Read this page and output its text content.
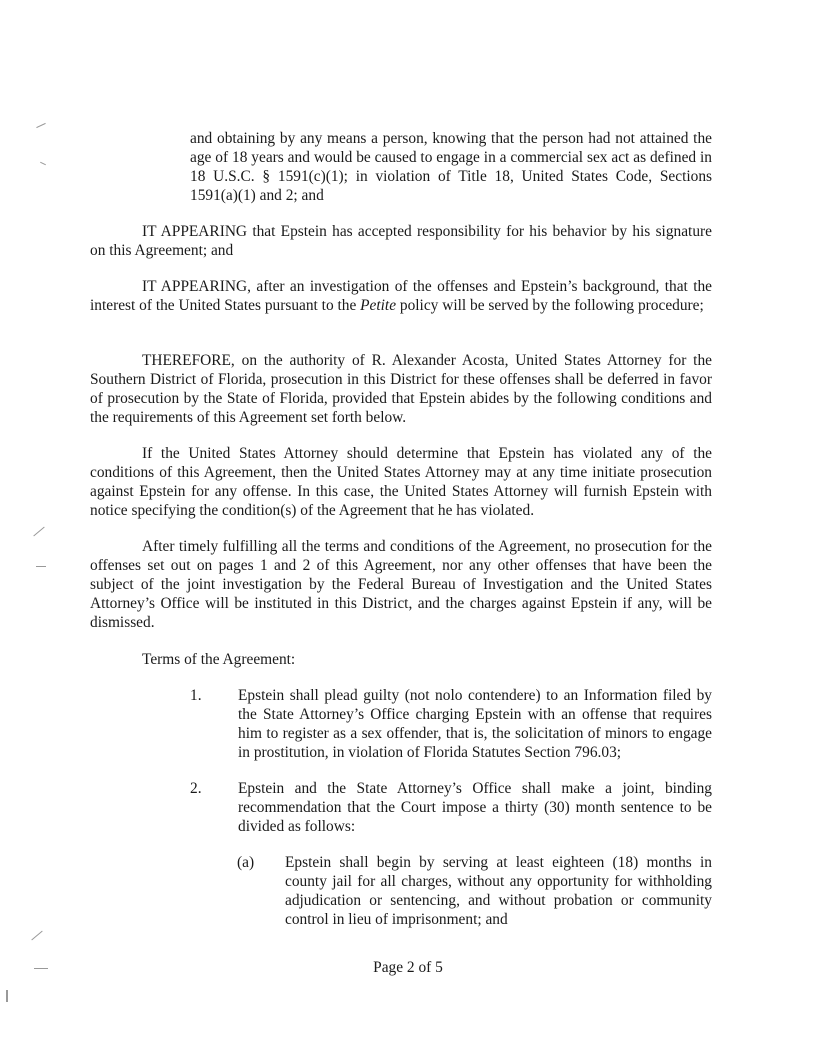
and obtaining by any means a person, knowing that the person had not attained the age of 18 years and would be caused to engage in a commercial sex act as defined in 18 U.S.C. § 1591(c)(1); in violation of Title 18, United States Code, Sections 1591(a)(1) and 2; and

IT APPEARING that Epstein has accepted responsibility for his behavior by his signature on this Agreement; and

IT APPEARING, after an investigation of the offenses and Epstein’s background, that the interest of the United States pursuant to the Petite policy will be served by the following procedure;

THEREFORE, on the authority of R. Alexander Acosta, United States Attorney for the Southern District of Florida, prosecution in this District for these offenses shall be deferred in favor of prosecution by the State of Florida, provided that Epstein abides by the following conditions and the requirements of this Agreement set forth below.

If the United States Attorney should determine that Epstein has violated any of the conditions of this Agreement, then the United States Attorney may at any time initiate prosecution against Epstein for any offense. In this case, the United States Attorney will furnish Epstein with notice specifying the condition(s) of the Agreement that he has violated.

After timely fulfilling all the terms and conditions of the Agreement, no prosecution for the offenses set out on pages 1 and 2 of this Agreement, nor any other offenses that have been the subject of the joint investigation by the Federal Bureau of Investigation and the United States Attorney’s Office will be instituted in this District, and the charges against Epstein if any, will be dismissed.

Terms of the Agreement:

1. Epstein shall plead guilty (not nolo contendere) to an Information filed by the State Attorney’s Office charging Epstein with an offense that requires him to register as a sex offender, that is, the solicitation of minors to engage in prostitution, in violation of Florida Statutes Section 796.03;
2. Epstein and the State Attorney’s Office shall make a joint, binding recommendation that the Court impose a thirty (30) month sentence to be divided as follows:
(a) Epstein shall begin by serving at least eighteen (18) months in county jail for all charges, without any opportunity for withholding adjudication or sentencing, and without probation or community control in lieu of imprisonment; and
Page 2 of 5
